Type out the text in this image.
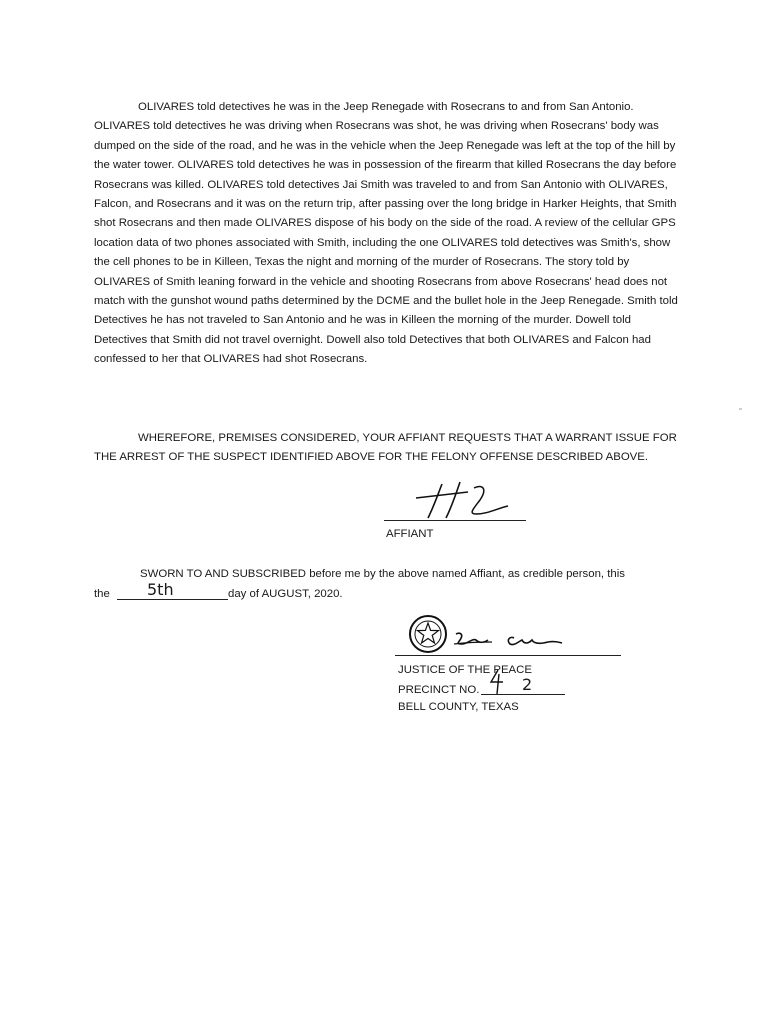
OLIVARES told detectives he was in the Jeep Renegade with Rosecrans to and from San Antonio. OLIVARES told detectives he was driving when Rosecrans was shot, he was driving when Rosecrans' body was dumped on the side of the road, and he was in the vehicle when the Jeep Renegade was left at the top of the hill by the water tower. OLIVARES told detectives he was in possession of the firearm that killed Rosecrans the day before Rosecrans was killed. OLIVARES told detectives Jai Smith was traveled to and from San Antonio with OLIVARES, Falcon, and Rosecrans and it was on the return trip, after passing over the long bridge in Harker Heights, that Smith shot Rosecrans and then made OLIVARES dispose of his body on the side of the road. A review of the cellular GPS location data of two phones associated with Smith, including the one OLIVARES told detectives was Smith's, show the cell phones to be in Killeen, Texas the night and morning of the murder of Rosecrans. The story told by OLIVARES of Smith leaning forward in the vehicle and shooting Rosecrans from above Rosecrans' head does not match with the gunshot wound paths determined by the DCME and the bullet hole in the Jeep Renegade. Smith told Detectives he has not traveled to San Antonio and he was in Killeen the morning of the murder. Dowell told Detectives that Smith did not travel overnight. Dowell also told Detectives that both OLIVARES and Falcon had confessed to her that OLIVARES had shot Rosecrans.

WHEREFORE, PREMISES CONSIDERED, YOUR AFFIANT REQUESTS THAT A WARRANT ISSUE FOR THE ARREST OF THE SUSPECT IDENTIFIED ABOVE FOR THE FELONY OFFENSE DESCRIBED ABOVE.

AFFIANT

SWORN TO AND SUBSCRIBED before me by the above named Affiant, as credible person, this

the 5th	day of AUGUST, 2020.

JUSTICE OF THE PEACE

PRECINCT NO.	2

BELL COUNTY, TEXAS
